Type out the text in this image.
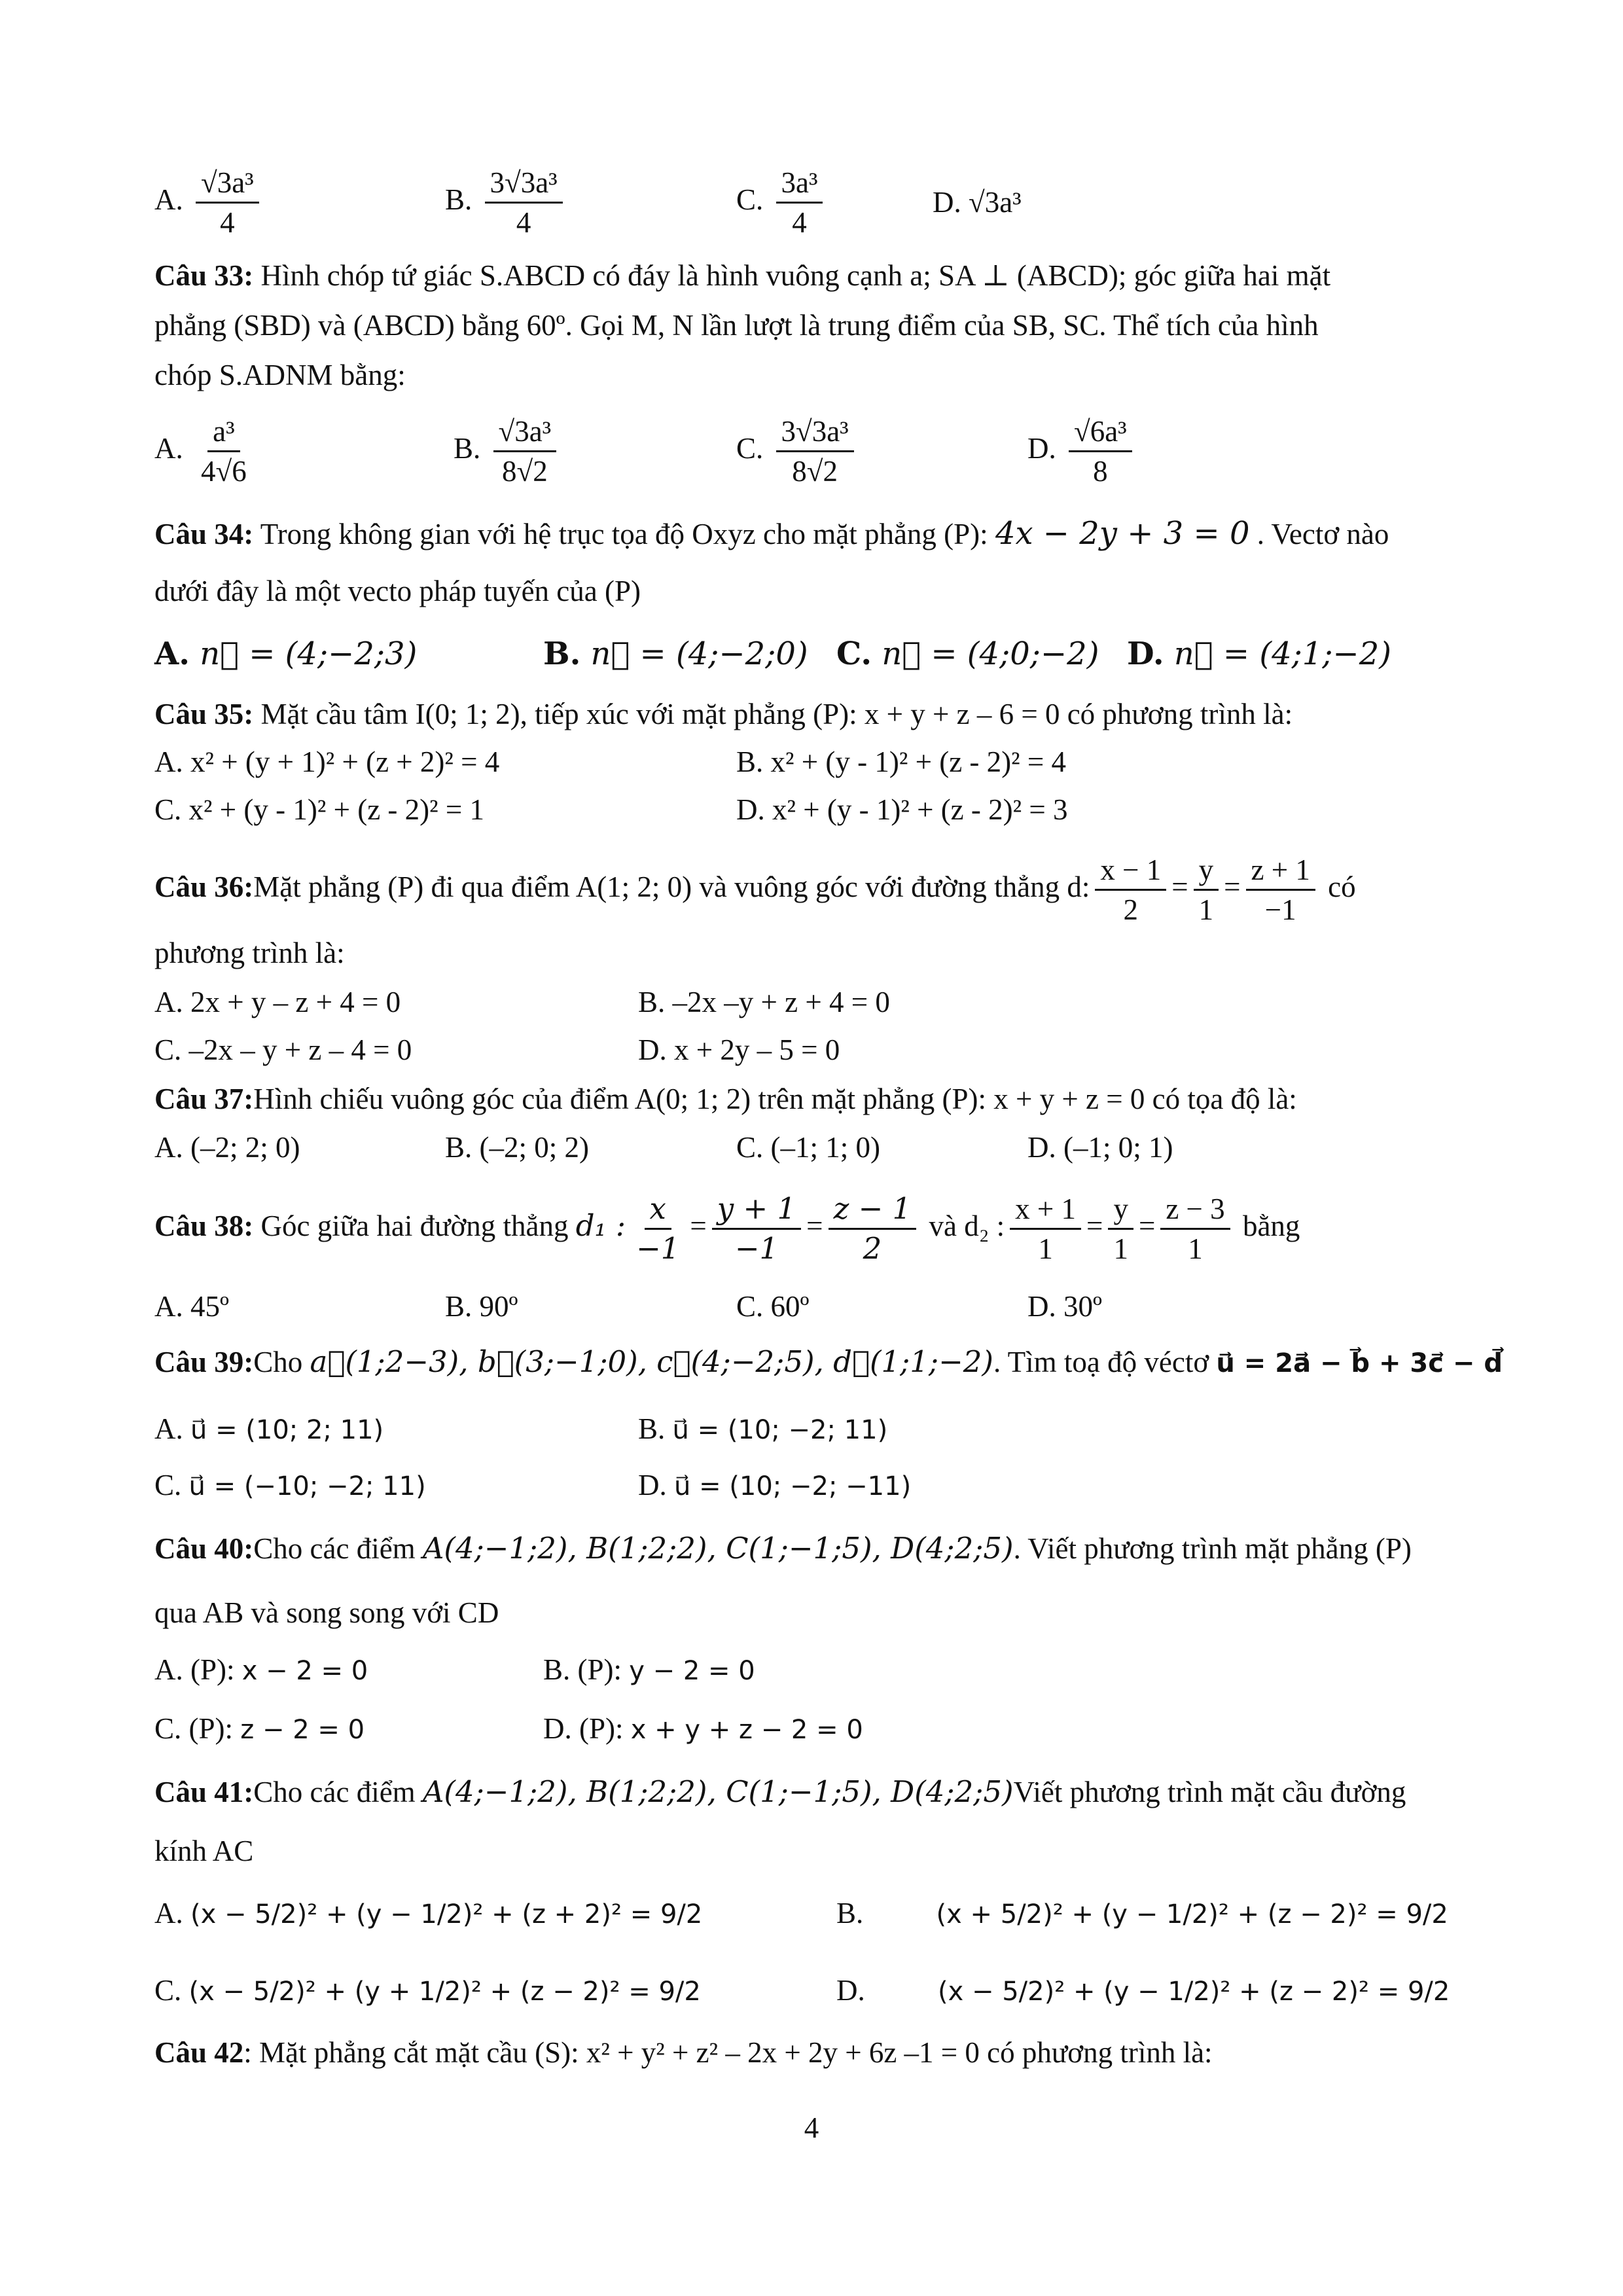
A. $\frac{\text{√3a³}}{4}$	B. $\frac{\text{3√3a³}}{4}$	C. $\frac{\text{3a³}}{4}$	D. √3a³
Câu 33: Hình chóp tứ giác S.ABCD có đáy là hình vuông cạnh a; SA ⊥ (ABCD); góc giữa hai mặt
phẳng (SBD) và (ABCD) bằng 60º. Gọi M, N lần lượt là trung điểm của SB, SC. Thể tích của hình
chóp S.ADNM bằng:
A. $\frac{\text{a³}}{4√6}$	B. $\frac{\text{√3a³}}{8√2}$	C. $\frac{\text{3√3a³}}{8√2}$	D. $\frac{\text{√6a³}}{8}$
Câu 34: Trong không gian với hệ trục tọa độ Oxyz cho mặt phẳng (P): 4x − 2y + 3 = 0 . Vectơ nào
dưới đây là một vecto pháp tuyến của (P)
A. n⃗ = (4;−2;3)	B. n⃗ = (4;−2;0) C. n⃗ = (4;0;−2) D. n⃗ = (4;1;−2)
Câu 35: Mặt cầu tâm I(0; 1; 2), tiếp xúc với mặt phẳng (P): x + y + z – 6 = 0 có phương trình là:
A. x² + (y + 1)² + (z + 2)² = 4	B. x² + (y - 1)² + (z - 2)² = 4
C. x² + (y - 1)² + (z - 2)² = 1	D. x² + (y - 1)² + (z - 2)² = 3
Câu 36:Mặt phẳng (P) đi qua điểm A(1; 2; 0) và vuông góc với đường thẳng d: $\frac{x - 1}{2} = \frac{y}{1} = \frac{z + 1}{-1}$ có
phương trình là:
A. 2x + y – z + 4 = 0	B. –2x –y + z + 4 = 0
C. –2x – y + z – 4 = 0	D. x + 2y – 5 = 0
Câu 37:Hình chiếu vuông góc của điểm A(0; 1; 2) trên mặt phẳng (P): x + y + z = 0 có tọa độ là:
A. (–2; 2; 0)	B. (–2; 0; 2)	C. (–1; 1; 0)	D. (–1; 0; 1)
Câu 38: Góc giữa hai đường thẳng d₁ : $\frac{x}{-1} = \frac{y + 1}{-1} = \frac{z - 1}{2}$ và d₂ : $\frac{x + 1}{1} = \frac{y}{1} = \frac{z - 3}{1}$ bằng
A. 45º	B. 90º	C. 60º	D. 30º
Câu 39:Cho a⃗(1;2−3), b⃗(3;−1;0), c⃗(4;−2;5), d⃗(1;1;−2). Tìm toạ độ véctơ u⃗ = 2a⃗ − b⃗ + 3c⃗ − d⃗
A. u⃗ = (10; 2; 11)	B. u⃗ = (10; −2; 11)
C. u⃗ = (−10; −2; 11)	D. u⃗ = (10; −2; −11)
Câu 40:Cho các điểm A(4;−1;2), B(1;2;2), C(1;−1;5), D(4;2;5). Viết phương trình mặt phẳng (P)
qua AB và song song với CD
A. (P): x − 2 = 0	B. (P): y − 2 = 0
C. (P): z − 2 = 0	D. (P): x + y + z − 2 = 0
Câu 41:Cho các điểm A(4;−1;2), B(1;2;2), C(1;−1;5), D(4;2;5)Viết phương trình mặt cầu đường
kính AC
A. (x − 5/2)² + (y − 1/2)² + (z + 2)² = 9/2	B.	(x + 5/2)² + (y − 1/2)² + (z − 2)² = 9/2
C. (x − 5/2)² + (y + 1/2)² + (z − 2)² = 9/2	D.	(x − 5/2)² + (y − 1/2)² + (z − 2)² = 9/2
Câu 42: Mặt phẳng cắt mặt cầu (S): x² + y² + z² – 2x + 2y + 6z –1 = 0 có phương trình là:
4
